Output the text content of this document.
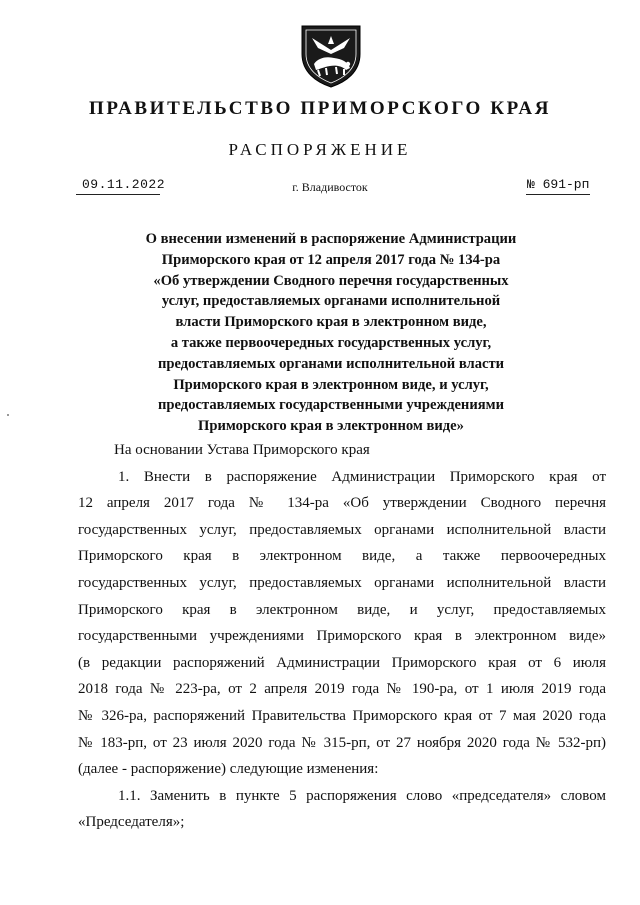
ПРАВИТЕЛЬСТВО ПРИМОРСКОГО КРАЯ
РАСПОРЯЖЕНИЕ
09.11.2022	г. Владивосток	№ 691-рп
О внесении изменений в распоряжение Администрации
Приморского края от 12 апреля 2017 года № 134-ра
«Об утверждении Сводного перечня государственных
услуг, предоставляемых органами исполнительной
власти Приморского края в электронном виде,
а также первоочередных государственных услуг,
предоставляемых органами исполнительной власти
Приморского края в электронном виде, и услуг,
предоставляемых государственными учреждениями
Приморского края в электронном виде»
На основании Устава Приморского края
1. Внести в распоряжение Администрации Приморского края от
12 апреля 2017 года № 134-ра «Об утверждении Сводного перечня
государственных услуг, предоставляемых органами исполнительной власти
Приморского края в электронном виде, а также первоочередных
государственных услуг, предоставляемых органами исполнительной власти
Приморского края в электронном виде, и услуг, предоставляемых
государственными учреждениями Приморского края в электронном виде»
(в редакции распоряжений Администрации Приморского края от 6 июля
2018 года № 223-ра, от 2 апреля 2019 года № 190-ра, от 1 июля 2019 года
№ 326-ра, распоряжений Правительства Приморского края от 7 мая 2020 года
№ 183-рп, от 23 июля 2020 года № 315-рп, от 27 ноября 2020 года № 532-рп)
(далее - распоряжение) следующие изменения:
1.1. Заменить в пункте 5 распоряжения слово «председателя» словом
«Председателя»;
